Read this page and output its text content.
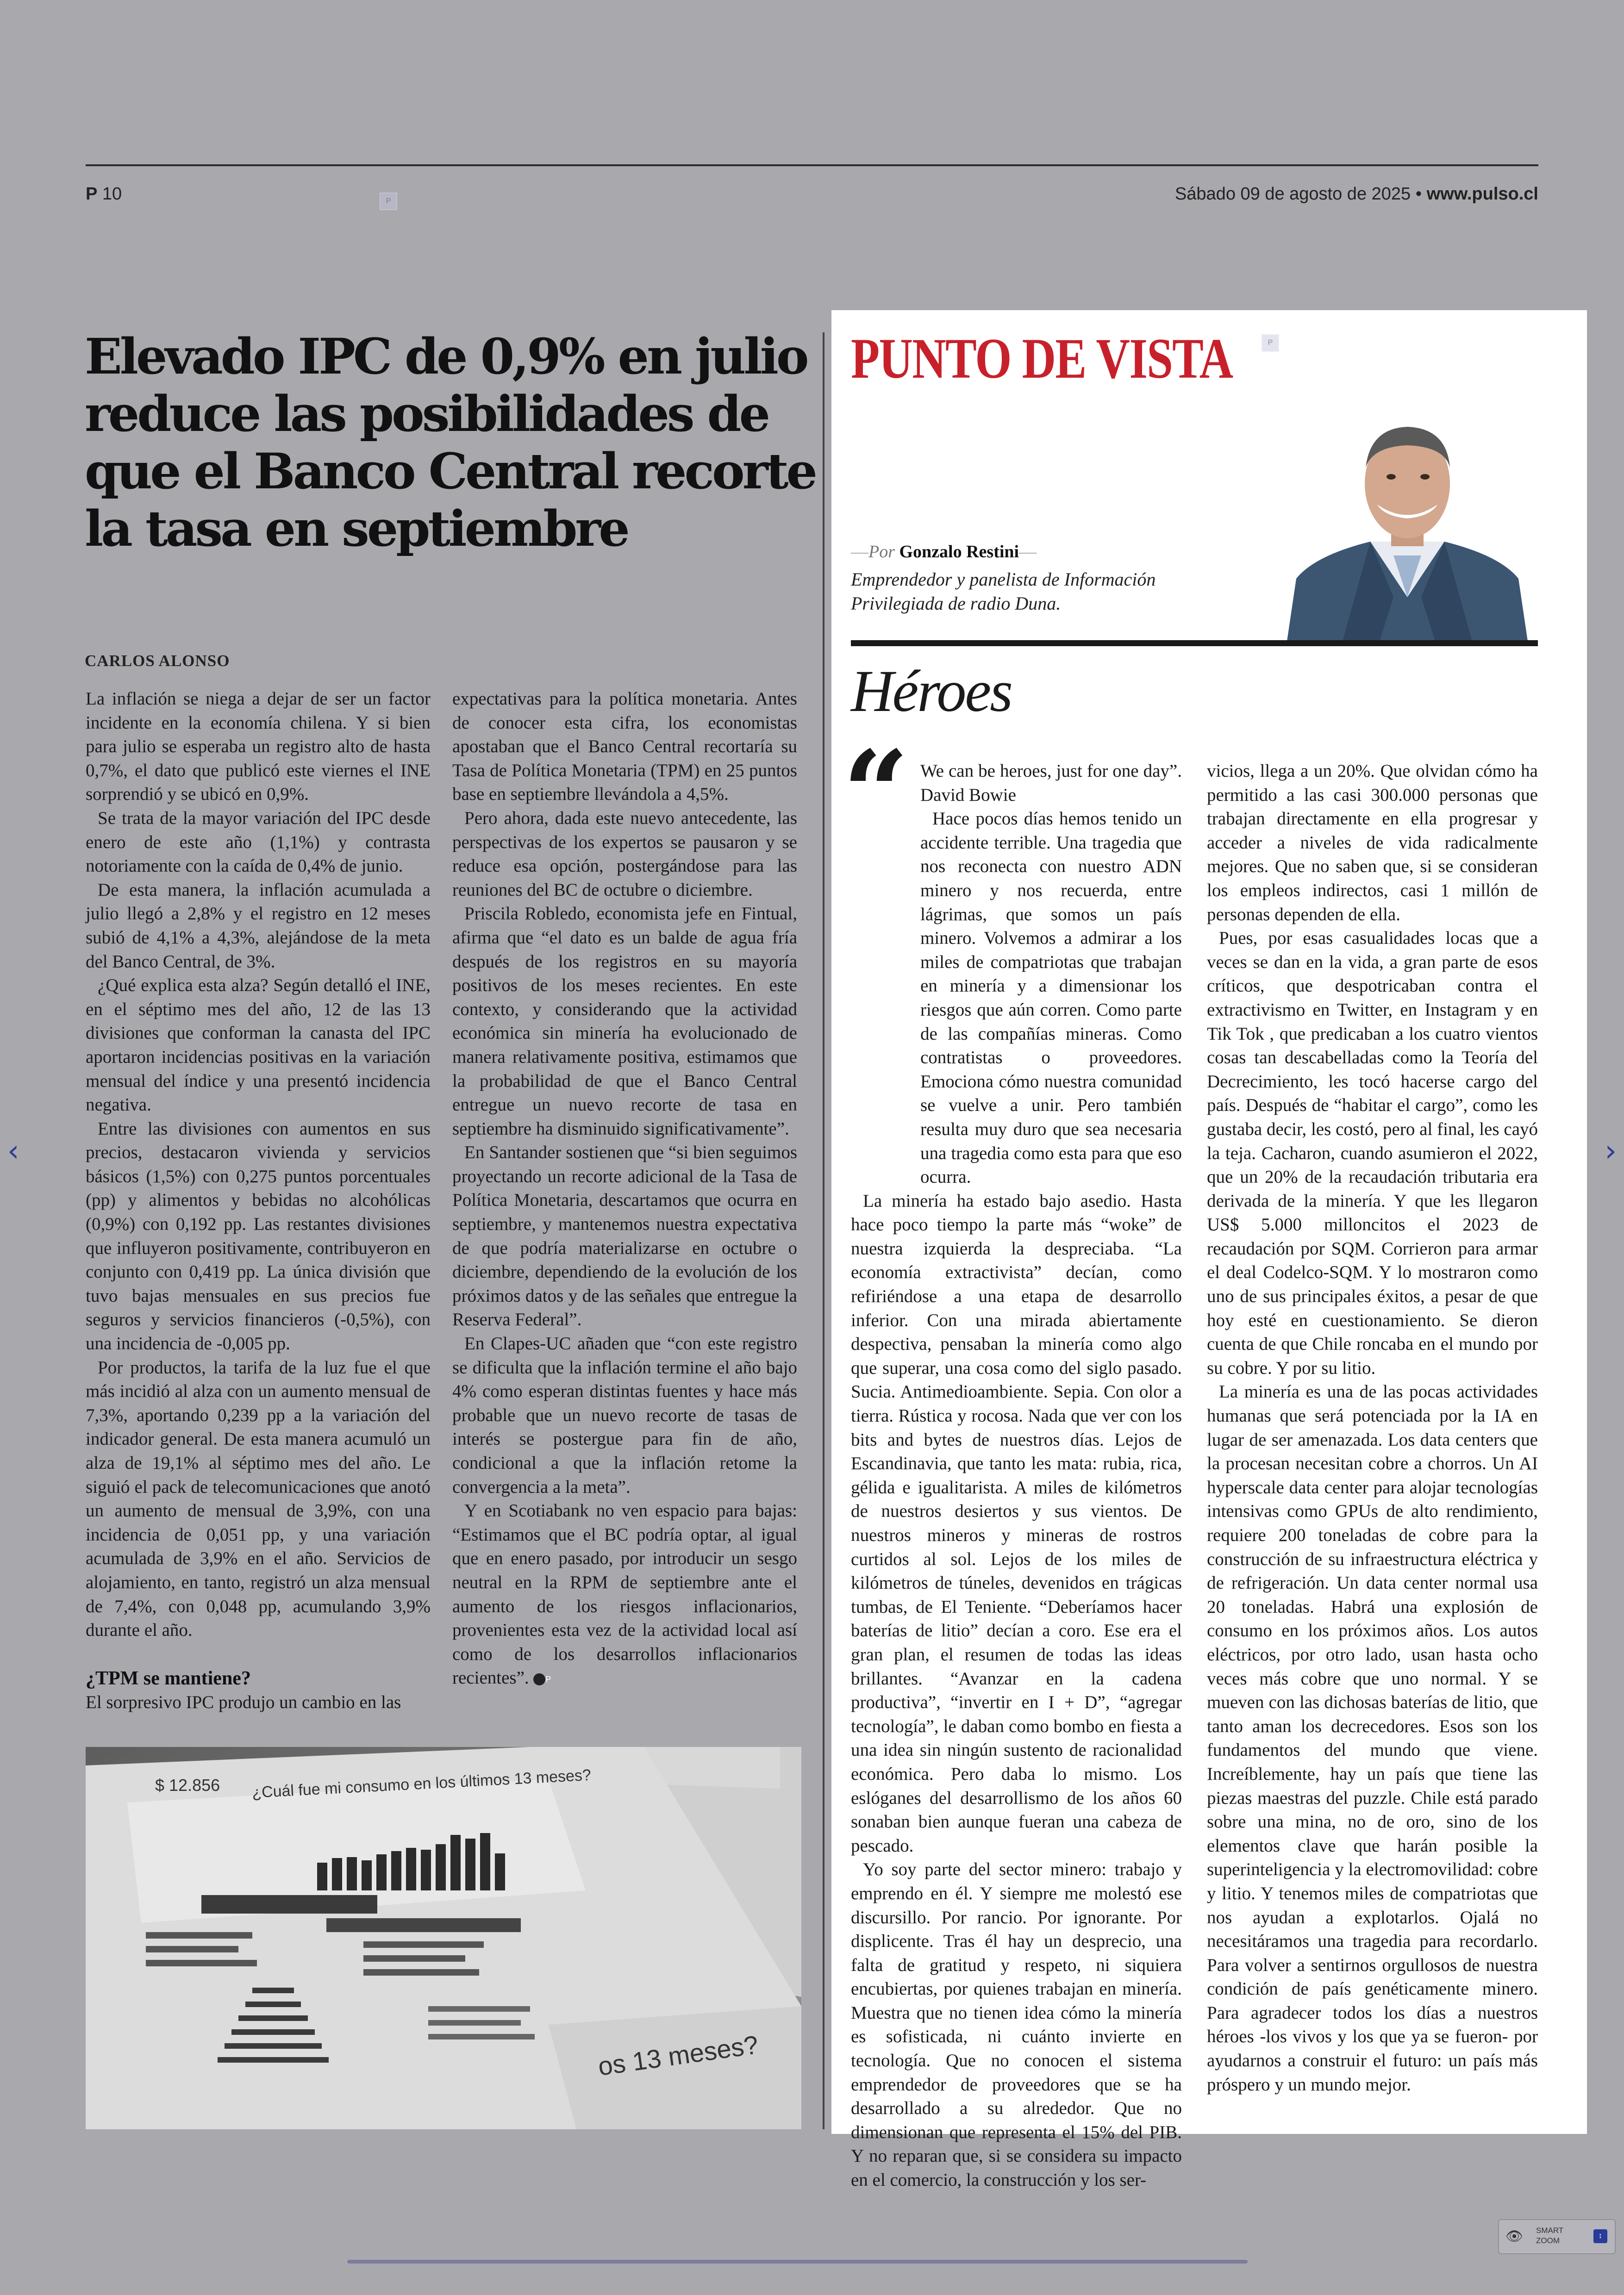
P 10	P	Sábado 09 de agosto de 2025 • www.pulso.cl
Elevado IPC de 0,9% en julio reduce las posibilidades de que el Banco Central recorte la tasa en septiembre
CARLOS ALONSO

La inflación se niega a dejar de ser un factor incidente en la economía chilena. Y si bien para julio se esperaba un registro alto de hasta 0,7%, el dato que publicó este viernes el INE sorprendió y se ubicó en 0,9%.

Se trata de la mayor variación del IPC desde enero de este año (1,1%) y contrasta notoriamente con la caída de 0,4% de junio.

De esta manera, la inflación acumulada a julio llegó a 2,8% y el registro en 12 meses subió de 4,1% a 4,3%, alejándose de la meta del Banco Central, de 3%.

¿Qué explica esta alza? Según detalló el INE, en el séptimo mes del año, 12 de las 13 divisiones que conforman la canasta del IPC aportaron incidencias positivas en la variación mensual del índice y una presentó incidencia negativa.

Entre las divisiones con aumentos en sus precios, destacaron vivienda y servicios básicos (1,5%) con 0,275 puntos porcentuales (pp) y alimentos y bebidas no alcohólicas (0,9%) con 0,192 pp. Las restantes divisiones que influyeron positivamente, contribuyeron en conjunto con 0,419 pp. La única división que tuvo bajas mensuales en sus precios fue seguros y servicios financieros (-0,5%), con una incidencia de -0,005 pp.

Por productos, la tarifa de la luz fue el que más incidió al alza con un aumento mensual de 7,3%, aportando 0,239 pp a la variación del indicador general. De esta manera acumuló un alza de 19,1% al séptimo mes del año. Le siguió el pack de telecomunicaciones que anotó un aumento de mensual de 3,9%, con una incidencia de 0,051 pp, y una variación acumulada de 3,9% en el año. Servicios de alojamiento, en tanto, registró un alza mensual de 7,4%, con 0,048 pp, acumulando 3,9% durante el año.

¿TPM se mantiene?

El sorpresivo IPC produjo un cambio en las

expectativas para la política monetaria. Antes de conocer esta cifra, los economistas apostaban que el Banco Central recortaría su Tasa de Política Monetaria (TPM) en 25 puntos base en septiembre llevándola a 4,5%.

Pero ahora, dada este nuevo antecedente, las perspectivas de los expertos se pausaron y se reduce esa opción, postergándose para las reuniones del BC de octubre o diciembre.

Priscila Robledo, economista jefe en Fintual, afirma que “el dato es un balde de agua fría después de los registros en su mayoría positivos de los meses recientes. En este contexto, y considerando que la actividad económica sin minería ha evolucionado de manera relativamente positiva, estimamos que la probabilidad de que el Banco Central entregue un nuevo recorte de tasa en septiembre ha disminuido significativamente”.

En Santander sostienen que “si bien seguimos proyectando un recorte adicional de la Tasa de Política Monetaria, descartamos que ocurra en septiembre, y mantenemos nuestra expectativa de que podría materializarse en octubre o diciembre, dependiendo de la evolución de los próximos datos y de las señales que entregue la Reserva Federal”.

En Clapes-UC añaden que “con este registro se dificulta que la inflación termine el año bajo 4% como esperan distintas fuentes y hace más probable que un nuevo recorte de tasas de interés se postergue para fin de año, condicional a que la inflación retome la convergencia a la meta”.

Y en Scotiabank no ven espacio para bajas: “Estimamos que el BC podría optar, al igual que en enero pasado, por introducir un sesgo neutral en la RPM de septiembre ante el aumento de los riesgos inflacionarios, provenientes esta vez de la actividad local así como de los desarrollos inflacionarios recientes”. P

$ 12.856 ¿Cuál fue mi consumo en los últimos 13 meses?
os 13 meses?
PUNTO DE VISTA	P
—Por Gonzalo Restini—
Emprendedor y panelista de Información Privilegiada de radio Duna.
Héroes
“ We can be heroes, just for one day”. David Bowie

Hace pocos días hemos tenido un accidente terrible. Una tragedia que nos reconecta con nuestro ADN minero y nos recuerda, entre lágrimas, que somos un país minero. Volvemos a admirar a los miles de compatriotas que trabajan en minería y a dimensionar los riesgos que aún corren. Como parte de las compañías mineras. Como contratistas o proveedores. Emociona cómo nuestra comunidad se vuelve a unir. Pero también resulta muy duro que sea necesaria una tragedia como esta para que eso ocurra.

La minería ha estado bajo asedio. Hasta hace poco tiempo la parte más “woke” de nuestra izquierda la despreciaba. “La economía extractivista” decían, como refiriéndose a una etapa de desarrollo inferior. Con una mirada abiertamente despectiva, pensaban la minería como algo que superar, una cosa como del siglo pasado. Sucia. Antimedioambiente. Sepia. Con olor a tierra. Rústica y rocosa. Nada que ver con los bits and bytes de nuestros días. Lejos de Escandinavia, que tanto les mata: rubia, rica, gélida e igualitarista. A miles de kilómetros de nuestros desiertos y sus vientos. De nuestros mineros y mineras de rostros curtidos al sol. Lejos de los miles de kilómetros de túneles, devenidos en trágicas tumbas, de El Teniente. “Deberíamos hacer baterías de litio” decían a coro. Ese era el gran plan, el resumen de todas las ideas brillantes. “Avanzar en la cadena productiva”, “invertir en I + D”, “agregar tecnología”, le daban como bombo en fiesta a una idea sin ningún sustento de racionalidad económica. Pero daba lo mismo. Los eslóganes del desarrollismo de los años 60 sonaban bien aunque fueran una cabeza de pescado.

Yo soy parte del sector minero: trabajo y emprendo en él. Y siempre me molestó ese discursillo. Por rancio. Por ignorante. Por displicente. Tras él hay un desprecio, una falta de gratitud y respeto, ni siquiera encubiertas, por quienes trabajan en minería. Muestra que no tienen idea cómo la minería es sofisticada, ni cuánto invierte en tecnología. Que no conocen el sistema emprendedor de proveedores que se ha desarrollado a su alrededor. Que no dimensionan que representa el 15% del PIB. Y no reparan que, si se considera su impacto en el comercio, la construcción y los ser-

vicios, llega a un 20%. Que olvidan cómo ha permitido a las casi 300.000 personas que trabajan directamente en ella progresar y acceder a niveles de vida radicalmente mejores. Que no saben que, si se consideran los empleos indirectos, casi 1 millón de personas dependen de ella.

Pues, por esas casualidades locas que a veces se dan en la vida, a gran parte de esos críticos, que despotricaban contra el extractivismo en Twitter, en Instagram y en Tik Tok , que predicaban a los cuatro vientos cosas tan descabelladas como la Teoría del Decrecimiento, les tocó hacerse cargo del país. Después de “habitar el cargo”, como les gustaba decir, les costó, pero al final, les cayó la teja. Cacharon, cuando asumieron el 2022, que un 20% de la recaudación tributaria era derivada de la minería. Y que les llegaron US$ 5.000 milloncitos el 2023 de recaudación por SQM. Corrieron para armar el deal Codelco-SQM. Y lo mostraron como uno de sus principales éxitos, a pesar de que hoy esté en cuestionamiento. Se dieron cuenta de que Chile roncaba en el mundo por su cobre. Y por su litio.

La minería es una de las pocas actividades humanas que será potenciada por la IA en lugar de ser amenazada. Los data centers que la procesan necesitan cobre a chorros. Un AI hyperscale data center para alojar tecnologías intensivas como GPUs de alto rendimiento, requiere 200 toneladas de cobre para la construcción de su infraestructura eléctrica y de refrigeración. Un data center normal usa 20 toneladas. Habrá una explosión de consumo en los próximos años. Los autos eléctricos, por otro lado, usan hasta ocho veces más cobre que uno normal. Y se mueven con las dichosas baterías de litio, que tanto aman los decrecedores. Esos son los fundamentos del mundo que viene. Increíblemente, hay un país que tiene las piezas maestras del puzzle. Chile está parado sobre una mina, no de oro, sino de los elementos clave que harán posible la superinteligencia y la electromovilidad: cobre y litio. Y tenemos miles de compatriotas que nos ayudan a explotarlos. Ojalá no necesitáramos una tragedia para recordarlo. Para volver a sentirnos orgullosos de nuestra condición de país genéticamente minero. Para agradecer todos los días a nuestros héroes -los vivos y los que ya se fueron- por ayudarnos a construir el futuro: un país más próspero y un mundo mejor.

‹	›
👁 SMART ZOOM
↕
